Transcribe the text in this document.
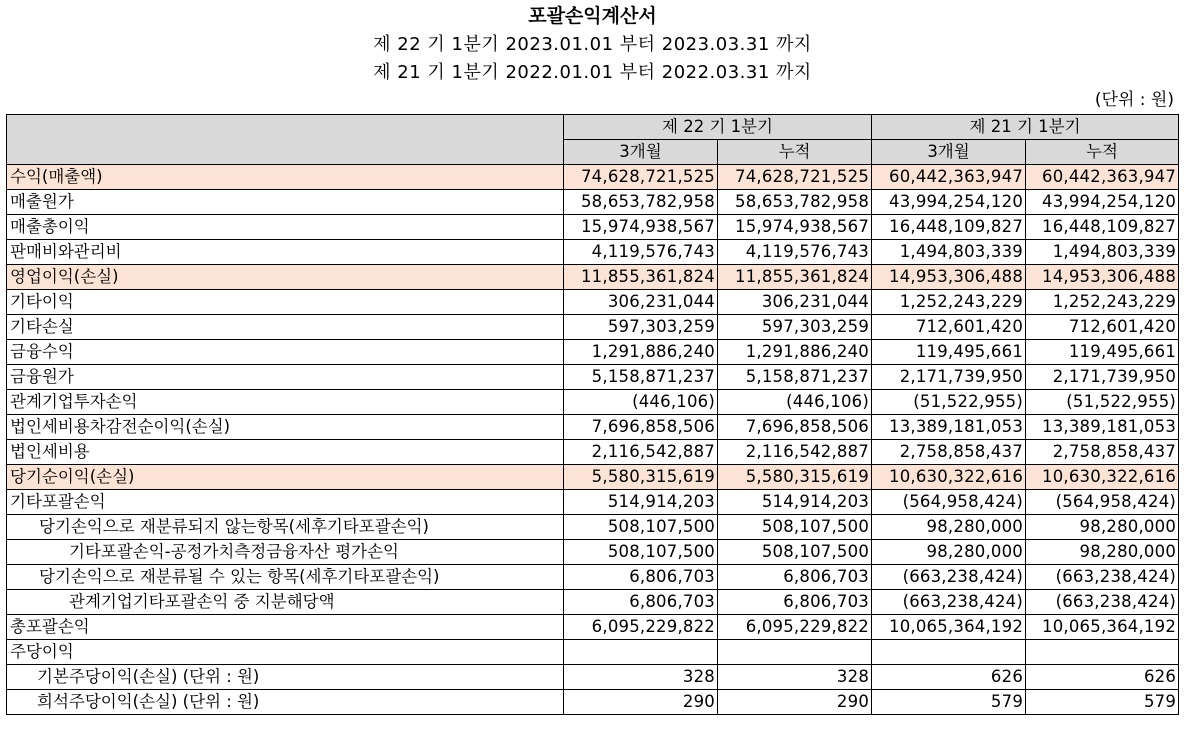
포괄손익계산서
제 22 기 1분기 2023.01.01 부터 2023.03.31 까지
제 21 기 1분기 2022.01.01 부터 2022.03.31 까지
(단위 : 원)
	제 22 기 1분기		제 21 기 1분기	
	3개월	누적	3개월	누적
수익(매출액)	74,628,721,525	74,628,721,525	60,442,363,947	60,442,363,947
매출원가	58,653,782,958	58,653,782,958	43,994,254,120	43,994,254,120
매출총이익	15,974,938,567	15,974,938,567	16,448,109,827	16,448,109,827
판매비와관리비	4,119,576,743	4,119,576,743	1,494,803,339	1,494,803,339
영업이익(손실)	11,855,361,824	11,855,361,824	14,953,306,488	14,953,306,488
기타이익	306,231,044	306,231,044	1,252,243,229	1,252,243,229
기타손실	597,303,259	597,303,259	712,601,420	712,601,420
금융수익	1,291,886,240	1,291,886,240	119,495,661	119,495,661
금융원가	5,158,871,237	5,158,871,237	2,171,739,950	2,171,739,950
관계기업투자손익	(446,106)	(446,106)	(51,522,955)	(51,522,955)
법인세비용차감전순이익(손실)	7,696,858,506	7,696,858,506	13,389,181,053	13,389,181,053
법인세비용	2,116,542,887	2,116,542,887	2,758,858,437	2,758,858,437
당기순이익(손실)	5,580,315,619	5,580,315,619	10,630,322,616	10,630,322,616
기타포괄손익	514,914,203	514,914,203	(564,958,424)	(564,958,424)
당기손익으로 재분류되지 않는항목(세후기타포괄손익)	508,107,500	508,107,500	98,280,000	98,280,000
기타포괄손익-공정가치측정금융자산 평가손익	508,107,500	508,107,500	98,280,000	98,280,000
당기손익으로 재분류될 수 있는 항목(세후기타포괄손익)	6,806,703	6,806,703	(663,238,424)	(663,238,424)
관계기업기타포괄손익 중 지분해당액	6,806,703	6,806,703	(663,238,424)	(663,238,424)
총포괄손익	6,095,229,822	6,095,229,822	10,065,364,192	10,065,364,192
주당이익				
기본주당이익(손실) (단위 : 원)	328	328	626	626
희석주당이익(손실) (단위 : 원)	290	290	579	579
